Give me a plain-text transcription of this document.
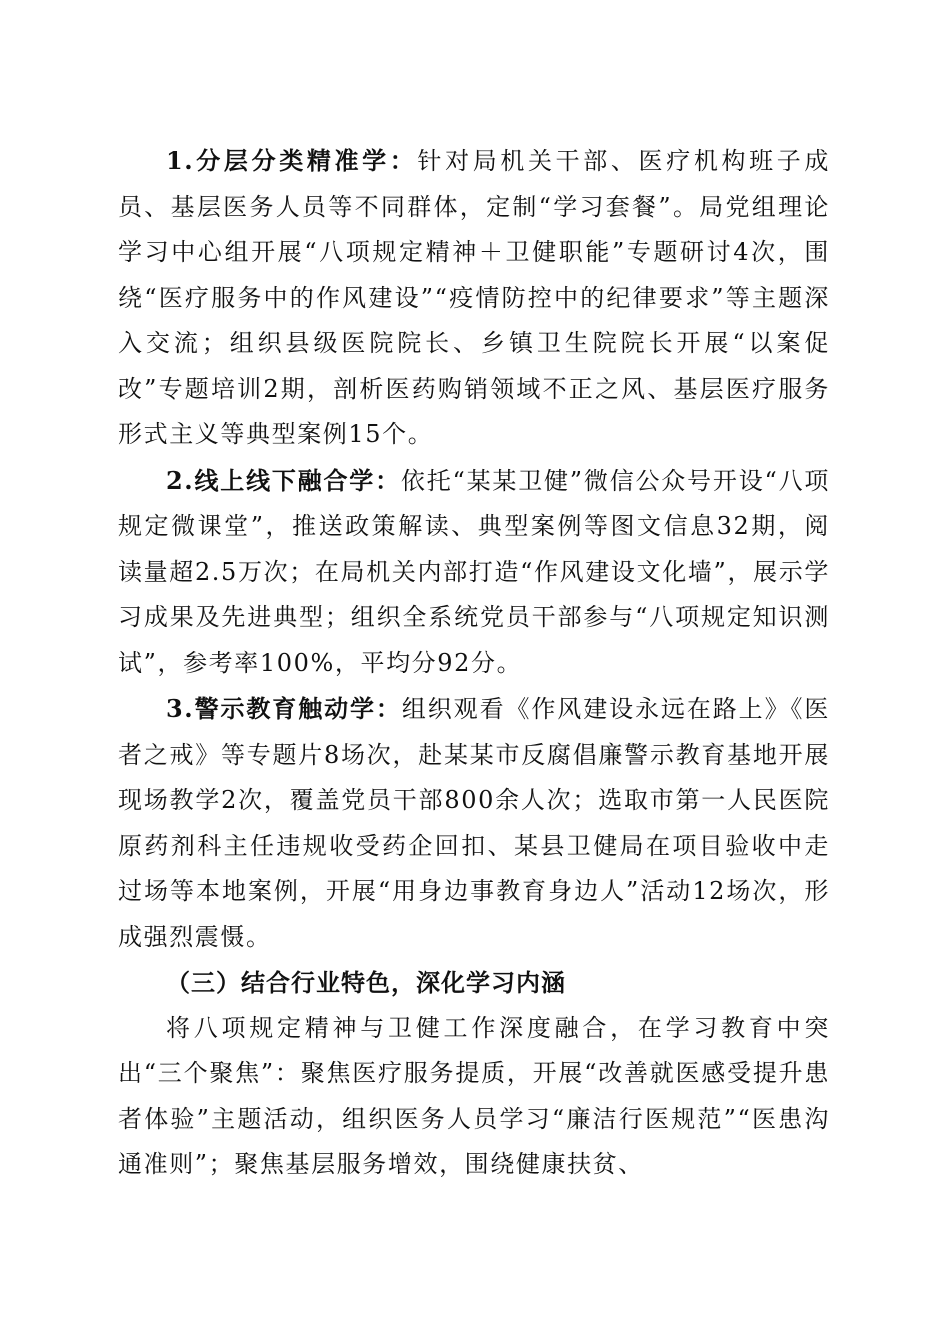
1.分层分类精准学：针对局机关干部、医疗机构班子成员、基层医务人员等不同群体，定制“学习套餐”。局党组理论学习中心组开展“八项规定精神＋卫健职能”专题研讨4次，围绕“医疗服务中的作风建设”“疫情防控中的纪律要求”等主题深入交流；组织县级医院院长、乡镇卫生院院长开展“以案促改”专题培训2期，剖析医药购销领域不正之风、基层医疗服务形式主义等典型案例15个。

2.线上线下融合学：依托“某某卫健”微信公众号开设“八项规定微课堂”，推送政策解读、典型案例等图文信息32期，阅读量超2.5万次；在局机关内部打造“作风建设文化墙”，展示学习成果及先进典型；组织全系统党员干部参与“八项规定知识测试”，参考率100%，平均分92分。

3.警示教育触动学：组织观看《作风建设永远在路上》《医者之戒》等专题片8场次，赴某某市反腐倡廉警示教育基地开展现场教学2次，覆盖党员干部800余人次；选取市第一人民医院原药剂科主任违规收受药企回扣、某县卫健局在项目验收中走过场等本地案例，开展“用身边事教育身边人”活动12场次，形成强烈震慑。

（三）结合行业特色，深化学习内涵

将八项规定精神与卫健工作深度融合，在学习教育中突出“三个聚焦”：聚焦医疗服务提质，开展“改善就医感受提升患者体验”主题活动，组织医务人员学习“廉洁行医规范”“医患沟通准则”；聚焦基层服务增效，围绕健康扶贫、
